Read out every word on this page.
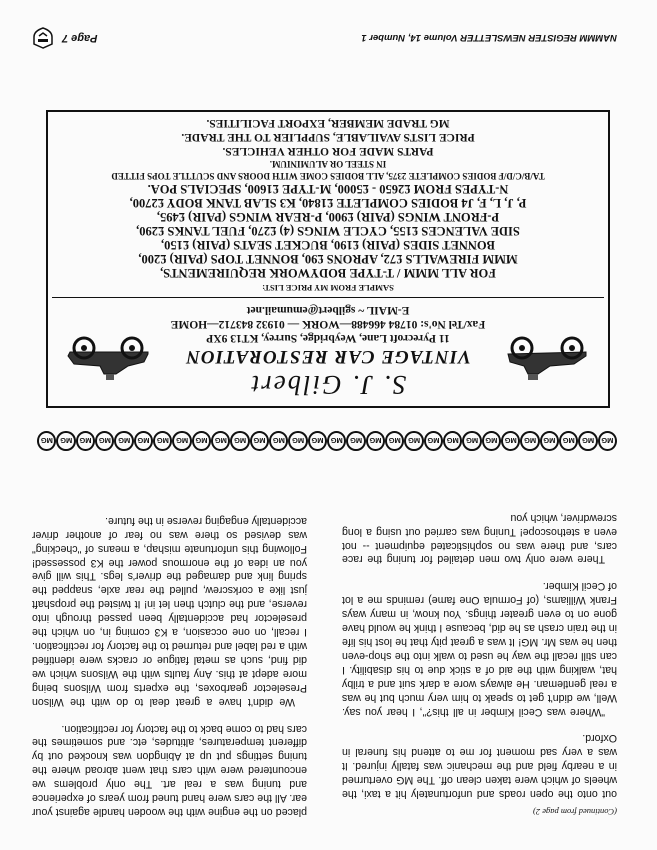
(Continued from page 2)

out onto the open roads and unfortunately hit a taxi, the wheels of which were taken clean off. The MG overturned in a nearby field and the mechanic was fatally injured. It was a very sad moment for me to attend his funeral in Oxford.

"Where was Cecil Kimber in all this?", I hear you say. Well, we didn't get to speak to him very much but he was a real gentleman. He always wore a dark suit and a trilby hat, walking with the aid of a stick due to his disability. I can still recall the way he used to walk into the shop-even then he was Mr. MG! It was a great pity that he lost his life in the train crash as he did, because I think he would have gone on to even greater things. You know, in many ways Frank Williams, (of Formula One fame) reminds me a lot of Cecil Kimber.

There were only two men detailed for tuning the race cars, and there was no sophisticated equipment -- not even a stethoscope! Tuning was carried out using a long screwdriver, which you

placed on the engine with the wooden handle against your ear. All the cars were hand tuned from years of experience and tuning was a real art. The only problems we encountered were with cars that went abroad where the tuning settings put up at Abingdon was knocked out by different temperatures, altitudes, etc. and sometimes the cars had to come back to the factory for rectification.

We didn't have a great deal to do with the Wilson Preselector gearboxes, the experts from Wilsons being more adept at this. Any faults with the Wilsons which we did find, such as metal fatigue or cracks were identified with a red label and returned to the factory for rectification. I recall, on one occasion, a K3 coming in, on which the preselector had accidentally been passed through into reverse, and the clutch then let in! It twisted the propshaft just like a corkscrew, pulled the rear axle, snapped the spring link and damaged the driver's legs. This will give you an idea of the enormous power the K3 possessed! Following this unfortunate mishap, a means of "checking" was devised so there was no fear of another driver accidentally engaging reverse in the future.

MG
MG
MG
MG
MG
MG
MG
MG
MG
MG
MG
MG
MG
MG
MG
MG
MG
MG
MG
MG
MG
MG
MG
MG
MG
MG
MG
MG
MG
MG
S. J. Gilbert
VINTAGE CAR RESTORATION
11 Pyrecroft Lane, Weybridge, Surrey, KT13 9XP
Fax/Tel No's: 01784 466488—WORK — 01932 843712—HOME
E-MAIL ~ sgilbert@emumail.net
SAMPLE FROM MY PRICE LIST:
FOR ALL MMM / T-TYPE BODYWORK REQUIREMENTS,
MMM FIREWALLS £72, APRONS £90, BONNET TOPS (PAIR) £200,
BONNET SIDES (PAIR) £190, BUCKET SEATS (PAIR) £150,
SIDE VALENCES £155, CYCLE WINGS (4) £270, FUEL TANKS £290,
P-FRONT WINGS (PAIR) £900, P-REAR WINGS (PAIR) £495,
P, J, L, F, J4 BODIES COMPLETE £1840, K3 SLAB TANK BODY £2700,
N-TYPES FROM £2650 - £5000, M-TYPE £1600, SPECIALS POA.
TA/B/C/D/F BODIES COMPLETE 2375, ALL BODIES COME WITH DOORS AND SCUTTLE TOPS FITTED
IN STEEL OR ALUMINIUM.
PARTS MADE FOR OTHER VEHICLES.
PRICE LISTS AVAILABLE, SUPPLIER TO THE TRADE.
MG TRADE MEMBER, EXPORT FACILITIES.
NAMMM REGISTER NEWSLETTER Volume 14, Number 1
Page 7
